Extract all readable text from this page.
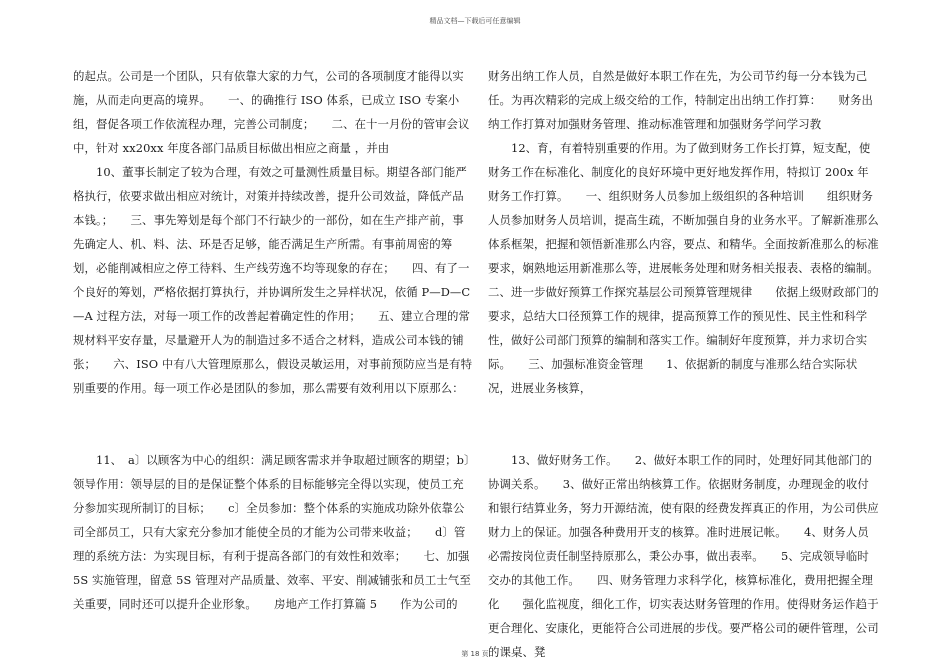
精品文档—下载后可任意编辑

的起点。公司是一个团队，只有依靠大家的力气，公司的各项制度才能得以实施，从而走向更高的境界。　　一、的确推行 ISO 体系，已成立 ISO 专案小组，督促各项工作依流程办理，完善公司制度；　　二、在十一月份的管审会议中，针对 xx20xx 年度各部门品质目标做出相应之商量 ，并由

　　10、董事长制定了较为合理，有效之可量测性质量目标。期望各部门能严格执行，依要求做出相应对统计，对策并持续改善，提升公司效益，降低产品本钱。；　　三、事先筹划是每个部门不行缺少的一部份，如在生产排产前，事先确定人、机、料、法、环是否足够，能否满足生产所需。有事前周密的筹划，必能削减相应之停工待料、生产线劳逸不均等现象的存在；　　四、有了一个良好的筹划，严格依据打算执行，并协调所发生之异样状况，依循 P—D—C—A 过程方法，对每一项工作的改善起着确定性的作用；　　五、建立合理的常规材料平安存量，尽量避开人为的制造过多不适合之材料，造成公司本钱的铺张；　　六、ISO 中有八大管理原那么，假设灵敏运用，对事前预防应当是有特别重要的作用。每一项工作必是团队的参加，那么需要有效利用以下原那么：

　　11、　a〕以顾客为中心的组织：满足顾客需求并争取超过顾客的期望；b〕领导作用：领导层的目的是保证整个体系的目标能够完全得以实现，使员工充分参加实现所制订的目标；　　c〕全员参加：整个体系的实施成功除外依靠公司全部员工，只有大家充分参加才能使全员的才能为公司带来收益；　　d〕管理的系统方法：为实现目标，有利于提高各部门的有效性和效率；　　七、加强 5S 实施管理，留意 5S 管理对产品质量、效率、平安、削减铺张和员工士气至关重要，同时还可以提升企业形象。　　房地产工作打算篇 5　　作为公司的

财务出纳工作人员，自然是做好本职工作在先，为公司节约每一分本钱为己任。为再次精彩的完成上级交给的工作，特制定出出纳工作打算：　　财务出纳工作打算对加强财务管理、推动标准管理和加强财务学问学习教

　　12、育，有着特别重要的作用。为了做到财务工作长打算，短支配，使财务工作在标准化、制度化的良好环境中更好地发挥作用，特拟订 200x 年财务工作打算。　　一、组织财务人员参加上级组织的各种培训　　组织财务人员参加财务人员培训，提高生疏，不断加强自身的业务水平。了解新准那么体系框架，把握和领悟新准那么内容，要点、和精华。全面按新准那么的标准要求，娴熟地运用新准那么等，进展帐务处理和财务相关报表、表格的编制。　　二、进一步做好预算工作探究基层公司预算管理规律　　依据上级财政部门的要求，总结大口径预算工作的规律，提高预算工作的预见性、民主性和科学性，做好公司部门预算的编制和落实工作。编制好年度预算，并力求切合实际。　　三、加强标准资金管理　　1、依据新的制度与准那么结合实际状况，进展业务核算，

　　13、做好财务工作。　　2、做好本职工作的同时，处理好同其他部门的协调关系。　　3、做好正常出纳核算工作。依据财务制度，办理现金的收付和银行结算业务，努力开源结流，使有限的经费发挥真正的作用，为公司供应财力上的保证。加强各种费用开支的核算。准时进展记帐。　　4、财务人员必需按岗位责任制坚持原那么，秉公办事，做出表率。　　5、完成领导临时交办的其他工作。　　四、财务管理力求科学化，核算标准化，费用把握全理化　　强化监视度，细化工作，切实表达财务管理的作用。使得财务运作趋于更合理化、安康化，更能符合公司进展的步伐。要严格公司的硬件管理，公司的课桌、凳

第 18 页
